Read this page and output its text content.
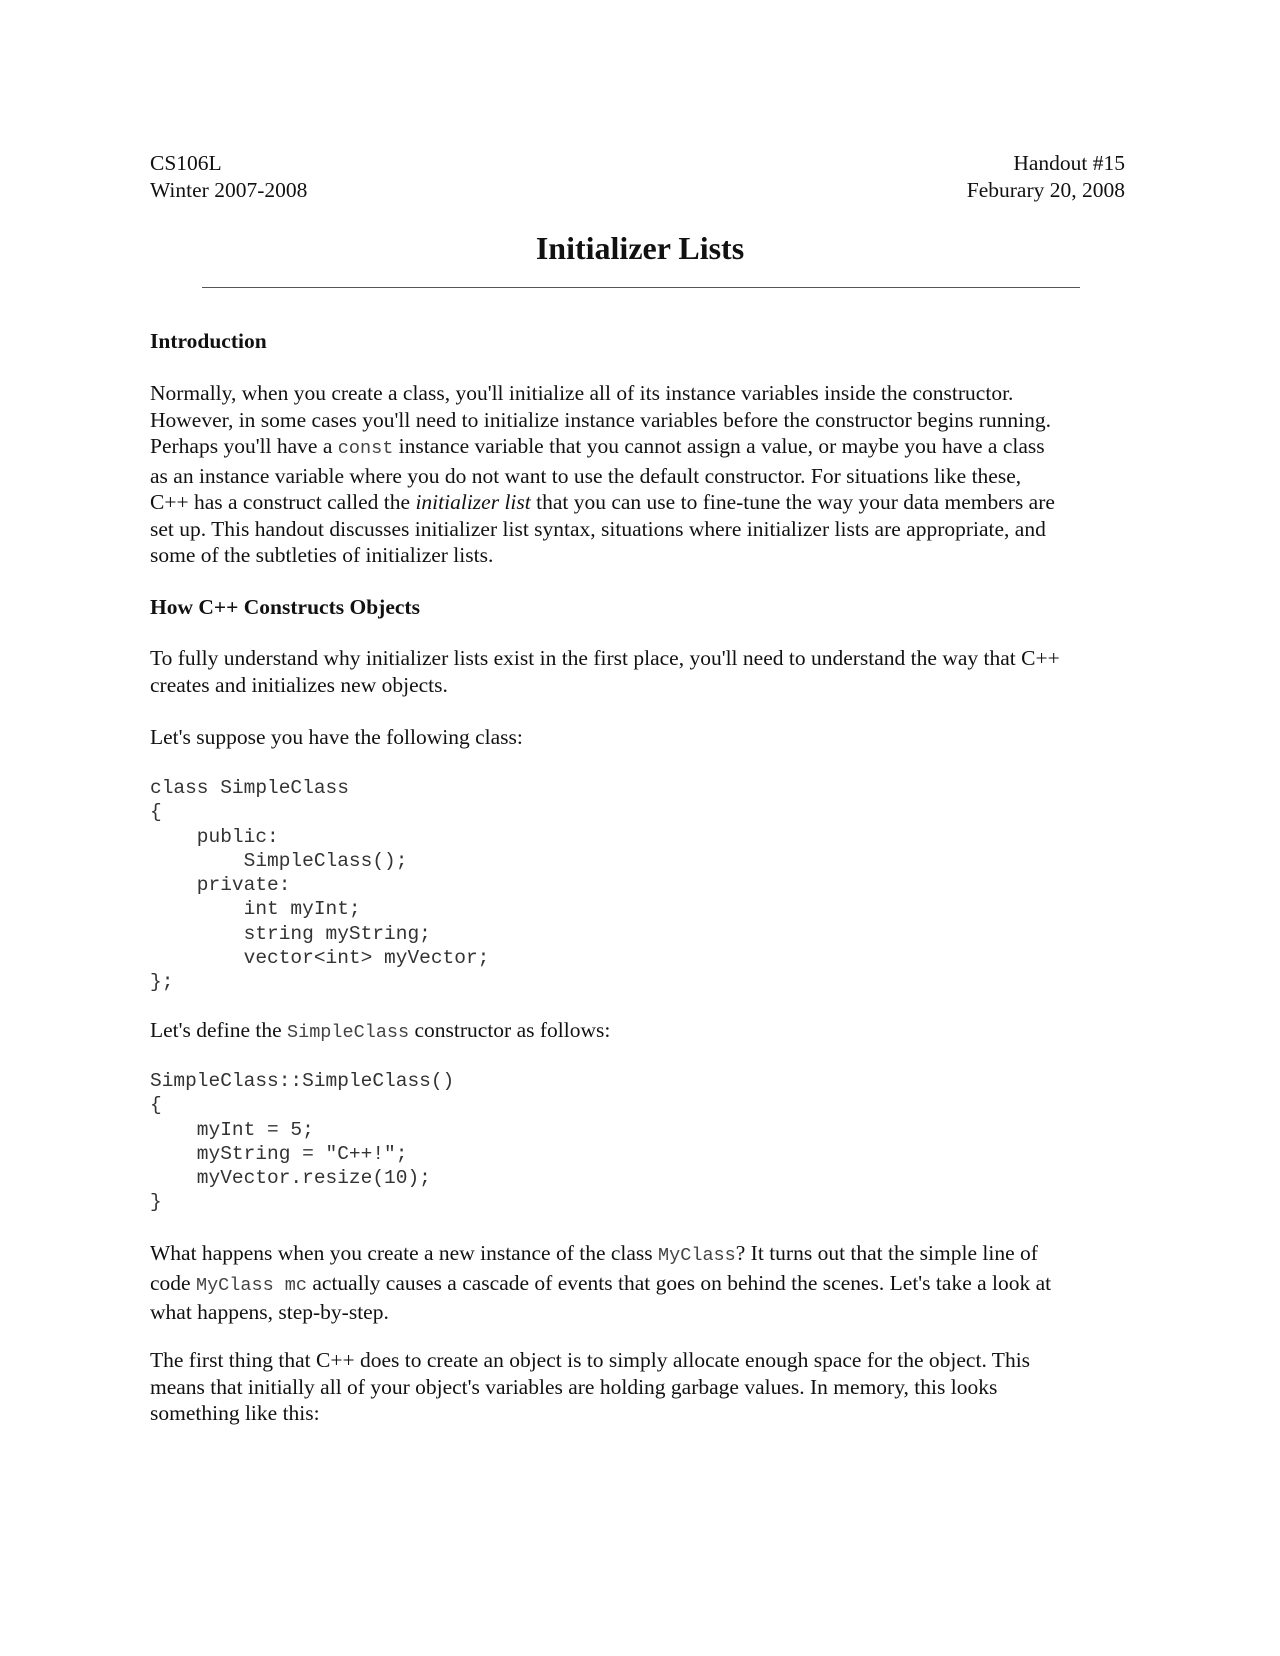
CS106L	Handout #15
Winter 2007-2008	Feburary 20, 2008
Initializer Lists
Introduction
Normally, when you create a class, you'll initialize all of its instance variables inside the constructor.
However, in some cases you'll need to initialize instance variables before the constructor begins running.
Perhaps you'll have a const instance variable that you cannot assign a value, or maybe you have a class
as an instance variable where you do not want to use the default constructor. For situations like these,
C++ has a construct called the initializer list that you can use to fine-tune the way your data members are
set up. This handout discusses initializer list syntax, situations where initializer lists are appropriate, and
some of the subtleties of initializer lists.
How C++ Constructs Objects
To fully understand why initializer lists exist in the first place, you'll need to understand the way that C++
creates and initializes new objects.
Let's suppose you have the following class:
class SimpleClass
{
public:
SimpleClass();
private:
int myInt;
string myString;
vector<int> myVector;
};
Let's define the SimpleClass constructor as follows:
SimpleClass::SimpleClass()
{
myInt = 5;
myString = "C++!";
myVector.resize(10);
}
What happens when you create a new instance of the class MyClass? It turns out that the simple line of
code MyClass mc actually causes a cascade of events that goes on behind the scenes. Let's take a look at
what happens, step-by-step.
The first thing that C++ does to create an object is to simply allocate enough space for the object. This
means that initially all of your object's variables are holding garbage values. In memory, this looks
something like this:
